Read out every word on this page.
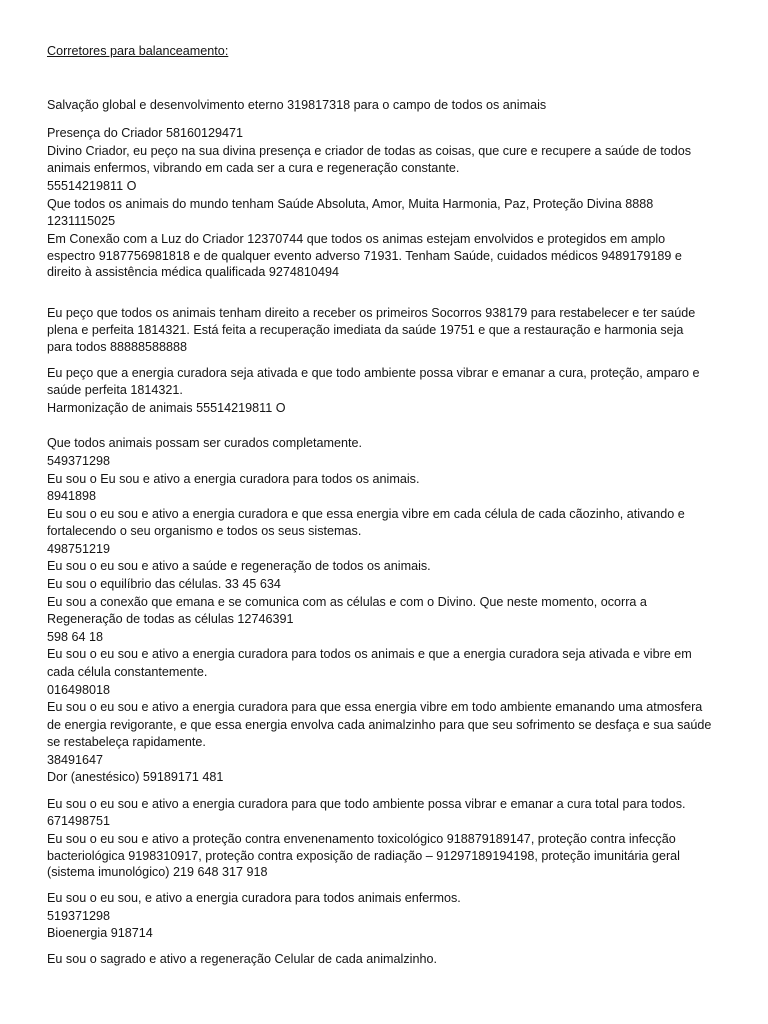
Corretores para balanceamento:
Salvação global e desenvolvimento eterno 319817318 para o campo de todos os animais
Presença do Criador 58160129471
Divino Criador, eu peço na sua divina presença e criador de todas as coisas, que cure e recupere a saúde de todos
animais enfermos, vibrando em cada ser a cura e regeneração constante.
55514219811 O
Que todos os animais do mundo tenham Saúde Absoluta, Amor, Muita Harmonia, Paz, Proteção Divina 8888
1231115025
Em Conexão com a Luz do Criador 12370744 que todos os animas estejam envolvidos e protegidos em amplo
espectro 9187756981818 e de qualquer evento adverso 71931. Tenham Saúde, cuidados médicos 9489179189 e
direito à assistência médica qualificada 9274810494
Eu peço que todos os animais tenham direito a receber os primeiros Socorros 938179 para restabelecer e ter saúde
plena e perfeita 1814321. Está feita a recuperação imediata da saúde 19751 e que a restauração e harmonia seja
para todos 88888588888
Eu peço que a energia curadora seja ativada e que todo ambiente possa vibrar e emanar a cura, proteção, amparo e
saúde perfeita 1814321.
Harmonização de animais 55514219811 O
Que todos animais possam ser curados completamente.
549371298
Eu sou o Eu sou e ativo a energia curadora para todos os animais.
8941898
Eu sou o eu sou e ativo a energia curadora e que essa energia vibre em cada célula de cada cãozinho, ativando e
fortalecendo o seu organismo e todos os seus sistemas.
498751219
Eu sou o eu sou e ativo a saúde e regeneração de todos os animais.
Eu sou o equilíbrio das células. 33 45 634
Eu sou a conexão que emana e se comunica com as células e com o Divino. Que neste momento, ocorra a
Regeneração de todas as células 12746391
598 64 18
Eu sou o eu sou e ativo a energia curadora para todos os animais e que a energia curadora seja ativada e vibre em
cada célula constantemente.
016498018
Eu sou o eu sou e ativo a energia curadora para que essa energia vibre em todo ambiente emanando uma atmosfera
de energia revigorante, e que essa energia envolva cada animalzinho para que seu sofrimento se desfaça e sua saúde
se restabeleça rapidamente.
38491647
Dor (anestésico) 59189171 481
Eu sou o eu sou e ativo a energia curadora para que todo ambiente possa vibrar e emanar a cura total para todos.
671498751
Eu sou o eu sou e ativo a proteção contra envenenamento toxicológico 918879189147, proteção contra infecção
bacteriológica 9198310917, proteção contra exposição de radiação – 91297189194198, proteção imunitária geral
(sistema imunológico) 219 648 317 918
Eu sou o eu sou, e ativo a energia curadora para todos animais enfermos.
519371298
Bioenergia 918714
Eu sou o sagrado e ativo a regeneração Celular de cada animalzinho.
